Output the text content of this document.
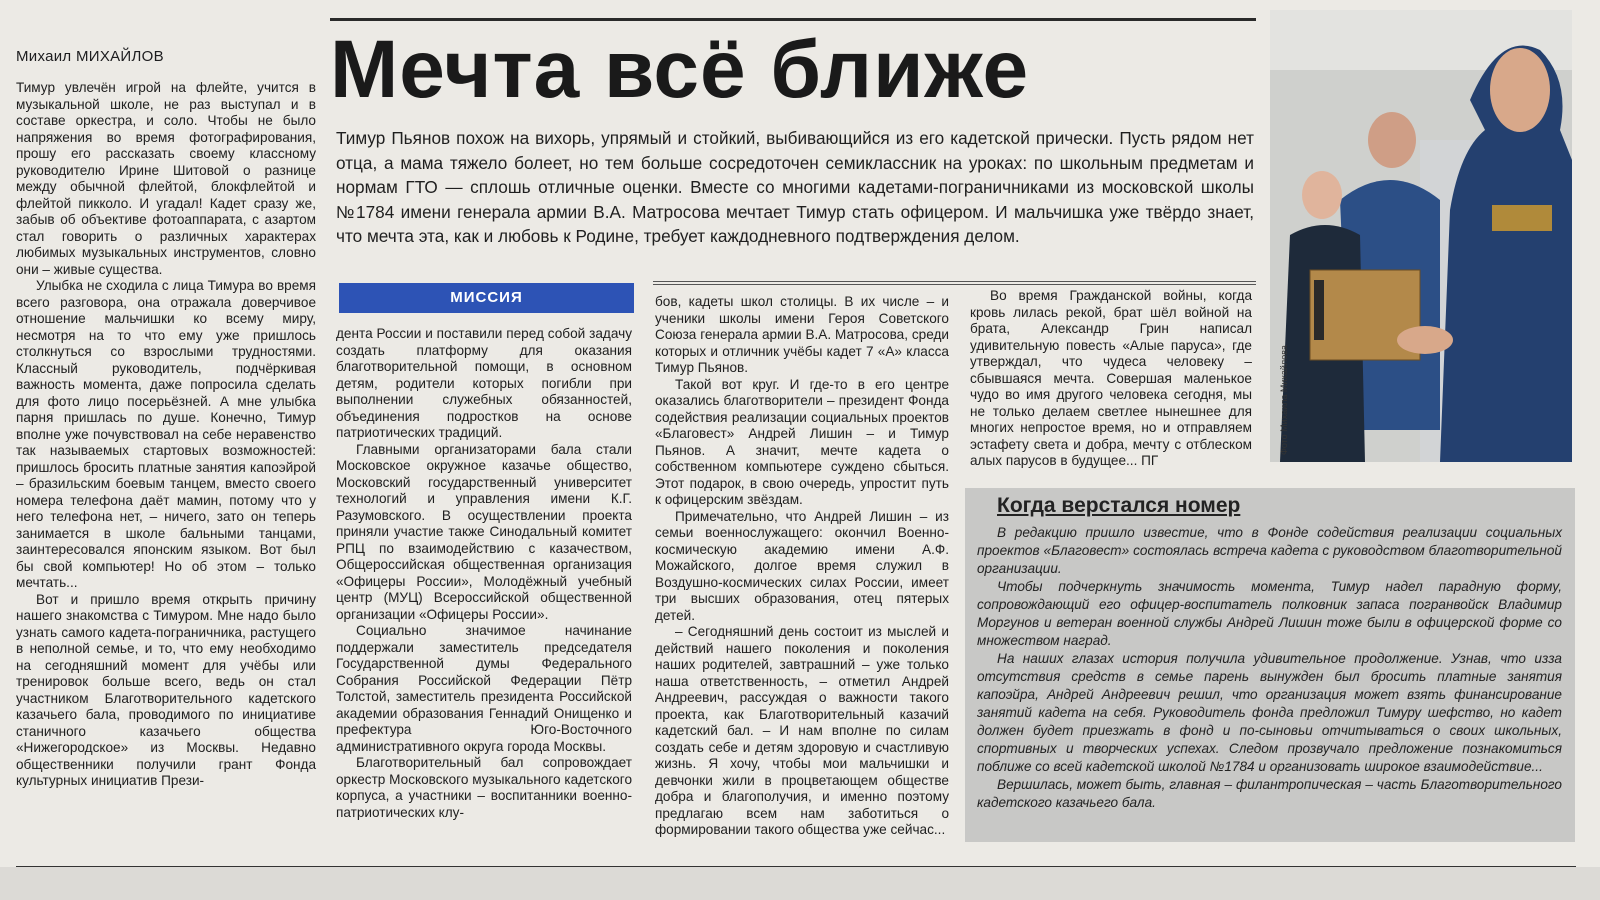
Михаил МИХАЙЛОВ Мечта всё ближе
Тимур Пьянов похож на вихорь, упрямый и стойкий, выбивающийся из его кадетской прически. Пусть рядом нет отца, а мама тяжело болеет, но тем больше сосредоточен семиклассник на уроках: по школьным предметам и нормам ГТО — сплошь отличные оценки. Вместе со многими кадетами-пограничниками из московской школы №1784 имени генерала армии В.А. Матросова мечтает Тимур стать офицером. И мальчишка уже твёрдо знает, что мечта эта, как и любовь к Родине, требует каждодневного подтверждения делом.

Тимур увлечён игрой на флейте, учится в музыкальной школе, не раз выступал и в составе оркестра, и соло. Чтобы не было напряжения во время фотографирования, прошу его рассказать своему классному руководителю Ирине Шитовой о разнице между обычной флейтой, блокфлейтой и флейтой пикколо. И угадал! Кадет сразу же, забыв об объективе фотоаппарата, с азартом стал говорить о различных характерах любимых музыкальных инструментов, словно они – живые существа.

Улыбка не сходила с лица Тимура во время всего разговора, она отражала доверчивое отношение мальчишки ко всему миру, несмотря на то что ему уже пришлось столкнуться со взрослыми трудностями. Классный руководитель, подчёркивая важность момента, даже попросила сделать для фото лицо посерьёзней. А мне улыбка парня пришлась по душе. Конечно, Тимур вполне уже почувствовал на себе неравенство так называемых стартовых возможностей: пришлось бросить платные занятия капоэйрой – бразильским боевым танцем, вместо своего номера телефона даёт мамин, потому что у него телефона нет, – ничего, зато он теперь занимается в школе бальными танцами, заинтересовался японским языком. Вот был бы свой компьютер! Но об этом – только мечтать...

Вот и пришло время открыть причину нашего знакомства с Тимуром. Мне надо было узнать самого кадета-пограничника, растущего в неполной семье, и то, что ему необходимо на сегодняшний момент для учёбы или тренировок больше всего, ведь он стал участником Благотворительного кадетского казачьего бала, проводимого по инициативе станичного казачьего общества «Нижегородское» из Москвы. Недавно общественники получили грант Фонда культурных инициатив Прези-

МИССИЯ

дента России и поставили перед собой задачу создать платформу для оказания благотворительной помощи, в основном детям, родители которых погибли при выполнении служебных обязанностей, объединения подростков на основе патриотических традиций.

Главными организаторами бала стали Московское окружное казачье общество, Московский государственный университет технологий и управления имени К.Г. Разумовского. В осуществлении проекта приняли участие также Синодальный комитет РПЦ по взаимодействию с казачеством, Общероссийская общественная организация «Офицеры России», Молодёжный учебный центр (МУЦ) Всероссийской общественной организации «Офицеры России».

Социально значимое начинание поддержали заместитель председателя Государственной думы Федерального Собрания Российской Федерации Пётр Толстой, заместитель президента Российской академии образования Геннадий Онищенко и префектура Юго-Восточного административного округа города Москвы.

Благотворительный бал сопровождает оркестр Московского музыкального кадетского корпуса, а участники – воспитанники военно-патриотических клу-

бов, кадеты школ столицы. В их числе – и ученики школы имени Героя Советского Союза генерала армии В.А. Матросова, среди которых и отличник учёбы кадет 7 «А» класса Тимур Пьянов.

Такой вот круг. И где-то в его центре оказались благотворители – президент Фонда содействия реализации социальных проектов «Благовест» Андрей Лишин – и Тимур Пьянов. А значит, мечте кадета о собственном компьютере суждено сбыться. Этот подарок, в свою очередь, упростит путь к офицерским звёздам.

Примечательно, что Андрей Лишин – из семьи военнослужащего: окончил Военно-космическую академию имени А.Ф. Можайского, долгое время служил в Воздушно-космических силах России, имеет три высших образования, отец пятерых детей.

– Сегодняшний день состоит из мыслей и действий нашего поколения и поколения наших родителей, завтрашний – уже только наша ответственность, – отметил Андрей Андреевич, рассуждая о важности такого проекта, как Благотворительный казачий кадетский бал. – И нам вполне по силам создать себе и детям здоровую и счастливую жизнь. Я хочу, чтобы мои мальчишки и девчонки жили в процветающем обществе добра и благополучия, и именно поэтому предлагаю всем нам заботиться о формировании такого общества уже сейчас...

Во время Гражданской войны, когда кровь лилась рекой, брат шёл войной на брата, Александр Грин написал удивительную повесть «Алые паруса», где утверждал, что чудеса человеку – сбывшаяся мечта. Совершая маленькое чудо во имя другого человека сегодня, мы не только делаем светлее нынешнее для многих непростое время, но и отправляем эстафету света и добра, мечту с отблеском алых парусов в будущее... ПГ

Фото Михаила Михайлова
Когда верстался номер

В редакцию пришло известие, что в Фонде содействия реализации социальных проектов «Благовест» состоялась встреча кадета с руководством благотворительной организации.

Чтобы подчеркнуть значимость момента, Тимур надел парадную форму, сопровождающий его офицер-воспитатель полковник запаса погранвойск Владимир Моргунов и ветеран военной службы Андрей Лишин тоже были в офицерской форме со множеством наград.

На наших глазах история получила удивительное продолжение. Узнав, что изза отсутствия средств в семье парень вынужден был бросить платные занятия капоэйра, Андрей Андреевич решил, что организация может взять финансирование занятий кадета на себя. Руководитель фонда предложил Тимуру шефство, но кадет должен будет приезжать в фонд и по-сыновьи отчитываться о своих школьных, спортивных и творческих успехах. Следом прозвучало предложение познакомиться поближе со всей кадетской школой №1784 и организовать широкое взаимодействие...

Вершилась, может быть, главная – филантропическая – часть Благотворительного кадетского казачьего бала.
